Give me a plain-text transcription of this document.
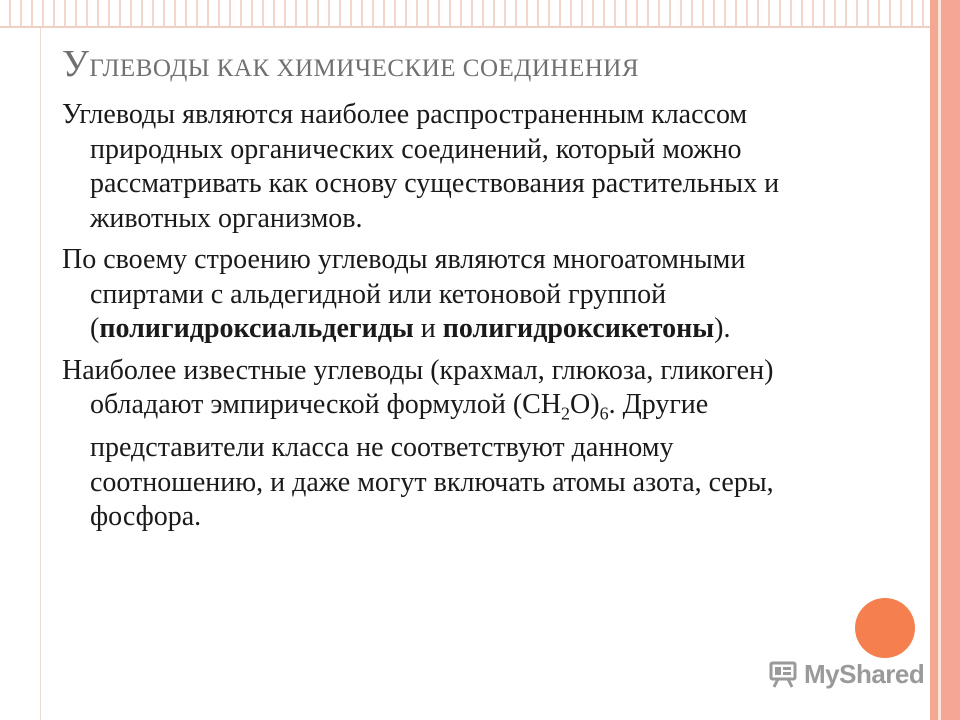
УГЛЕВОДЫ КАК ХИМИЧЕСКИЕ СОЕДИНЕНИЯ
Углеводы являются наиболее распространенным классом природных органических соединений, который можно рассматривать как основу существования растительных и животных организмов.
По своему строению углеводы являются многоатомными спиртами с альдегидной или кетоновой группой (полигидроксиальдегиды и полигидроксикетоны).
Наиболее известные углеводы (крахмал, глюкоза, гликоген) обладают эмпирической формулой $(CH_2O)_6$. Другие представители класса не соответствуют данному соотношению, и даже могут включать атомы азота, серы, фосфора.
MyShared
